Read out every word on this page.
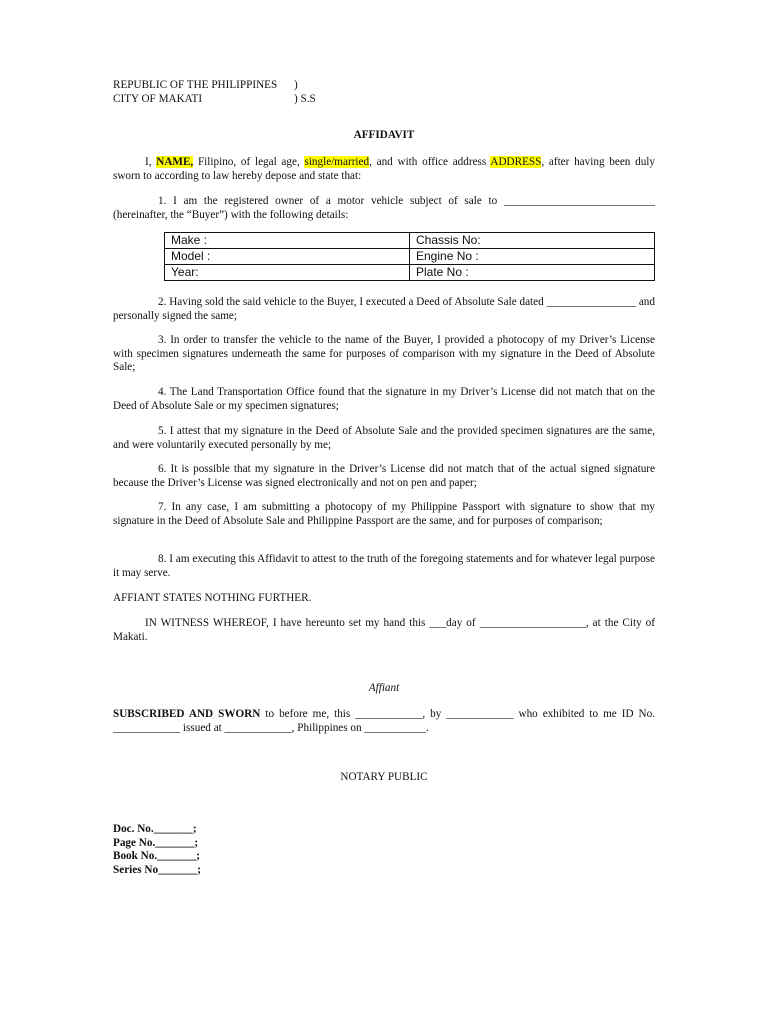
REPUBLIC OF THE PHILIPPINES )
CITY OF MAKATI	) S.S
AFFIDAVIT
I, NAME, Filipino, of legal age, single/married, and with office address ADDRESS, after having been duly sworn to according to law hereby depose and state that:
1. I am the registered owner of a motor vehicle subject of sale to ___________________________ (hereinafter, the “Buyer”) with the following details:
Make :	Chassis No:
Model :	Engine No :
Year:	Plate No :
2. Having sold the said vehicle to the Buyer, I executed a Deed of Absolute Sale dated ________________ and personally signed the same;
3. In order to transfer the vehicle to the name of the Buyer, I provided a photocopy of my Driver’s License with specimen signatures underneath the same for purposes of comparison with my signature in the Deed of Absolute Sale;
4. The Land Transportation Office found that the signature in my Driver’s License did not match that on the Deed of Absolute Sale or my specimen signatures;
5. I attest that my signature in the Deed of Absolute Sale and the provided specimen signatures are the same, and were voluntarily executed personally by me;
6. It is possible that my signature in the Driver’s License did not match that of the actual signed signature because the Driver’s License was signed electronically and not on pen and paper;
7. In any case, I am submitting a photocopy of my Philippine Passport with signature to show that my signature in the Deed of Absolute Sale and Philippine Passport are the same, and for purposes of comparison;
8. I am executing this Affidavit to attest to the truth of the foregoing statements and for whatever legal purpose it may serve.
AFFIANT STATES NOTHING FURTHER.
IN WITNESS WHEREOF, I have hereunto set my hand this ___day of ___________________, at the City of Makati.
Affiant
SUBSCRIBED AND SWORN to before me, this ____________, by ____________ who exhibited to me ID No. ____________ issued at ____________, Philippines on ___________.
NOTARY PUBLIC
Doc. No._______;
Page No._______;
Book No._______;
Series No_______;
